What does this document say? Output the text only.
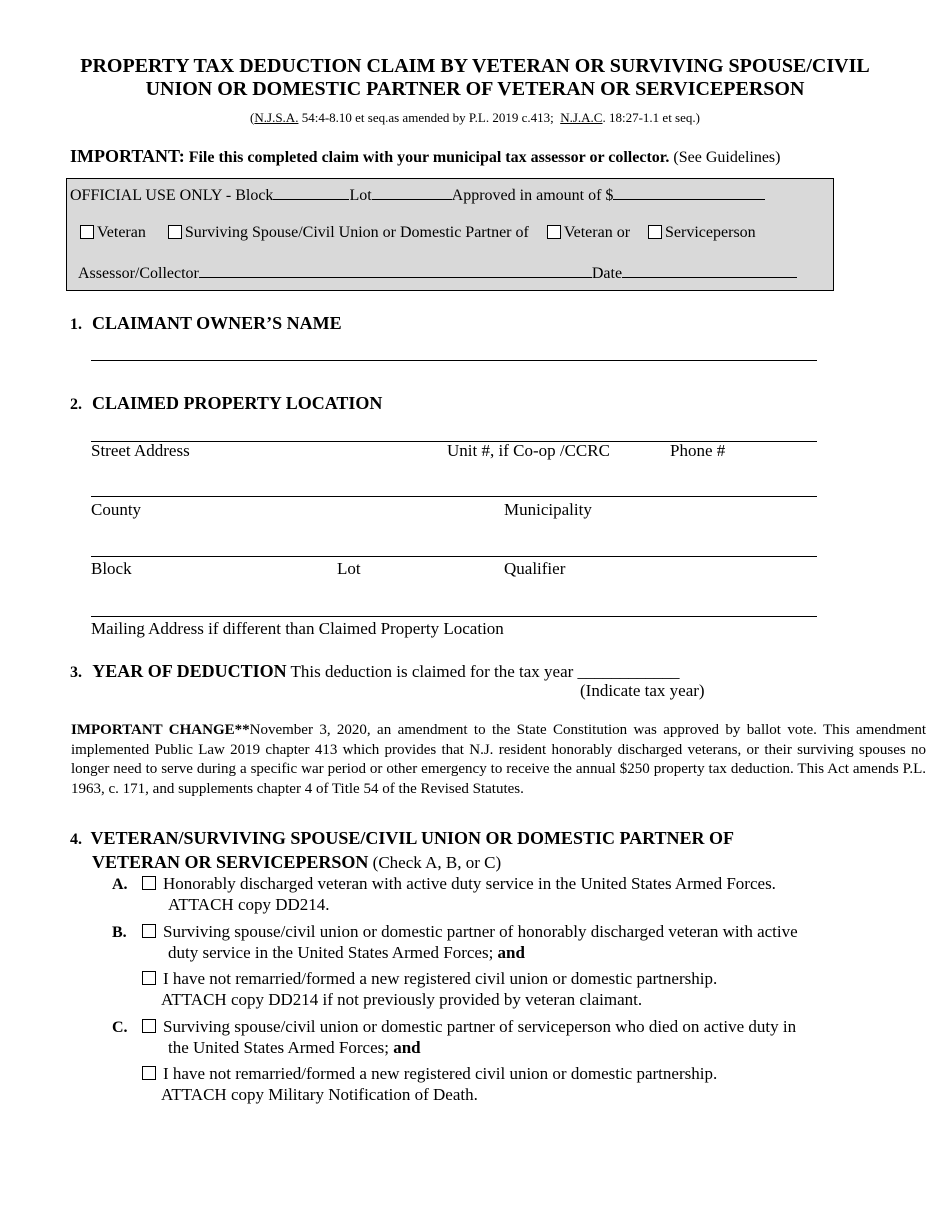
PROPERTY TAX DEDUCTION CLAIM BY VETERAN OR SURVIVING SPOUSE/CIVIL
UNION OR DOMESTIC PARTNER OF VETERAN OR SERVICEPERSON
(N.J.S.A. 54:4-8.10 et seq.as amended by P.L. 2019 c.413;  N.J.A.C. 18:27-1.1 et seq.)
IMPORTANT: File this completed claim with your municipal tax assessor or collector. (See Guidelines)
OFFICIAL USE ONLY - Block	Lot	Approved in amount of $
Veteran Surviving Spouse/Civil Union or Domestic Partner of Veteran or Serviceperson
Assessor/Collector	Date
1. CLAIMANT OWNER’S NAME
2. CLAIMED PROPERTY LOCATION
Street Address	Unit #, if Co-op /CCRC	Phone #
County	Municipality
Block	Lot	Qualifier
Mailing Address if different than Claimed Property Location
3. YEAR OF DEDUCTION This deduction is claimed for the tax year ____________
(Indicate tax year)
IMPORTANT CHANGE**November 3, 2020, an amendment to the State Constitution was approved by ballot vote. This amendment implemented Public Law 2019 chapter 413 which provides that N.J. resident honorably discharged veterans, or their surviving spouses no longer need to serve during a specific war period or other emergency to receive the annual $250 property tax deduction. This Act amends P.L. 1963, c. 171, and supplements chapter 4 of Title 54 of the Revised Statutes.
4. VETERAN/SURVIVING SPOUSE/CIVIL UNION OR DOMESTIC PARTNER OF
VETERAN OR SERVICEPERSON (Check A, B, or C)
A. Honorably discharged veteran with active duty service in the United States Armed Forces.
ATTACH copy DD214.
B. Surviving spouse/civil union or domestic partner of honorably discharged veteran with active
duty service in the United States Armed Forces; and
I have not remarried/formed a new registered civil union or domestic partnership.
ATTACH copy DD214 if not previously provided by veteran claimant.
C. Surviving spouse/civil union or domestic partner of serviceperson who died on active duty in
the United States Armed Forces; and
I have not remarried/formed a new registered civil union or domestic partnership.
ATTACH copy Military Notification of Death.
